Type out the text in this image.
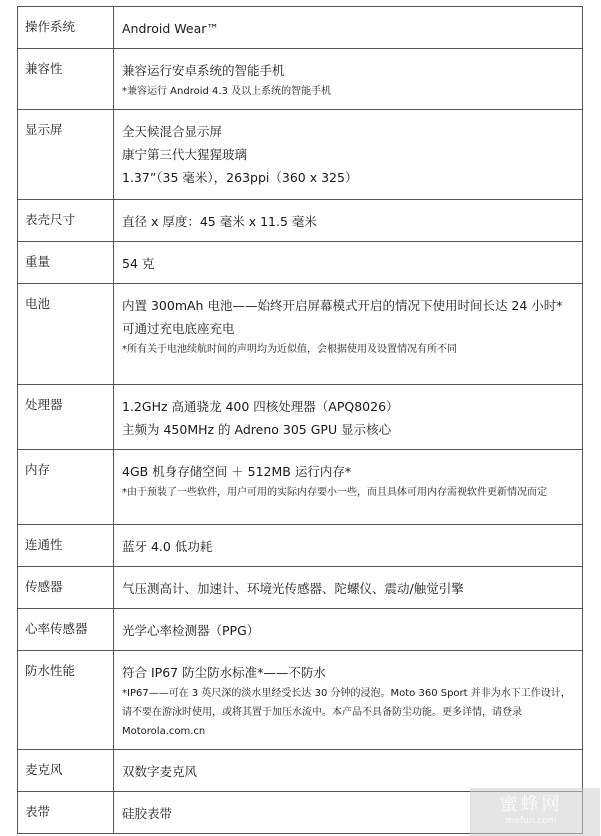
操作系统	Android Wear™

兼容性	兼容运行安卓系统的智能手机
*兼容运行 Android 4.3 及以上系统的智能手机

显示屏	全天候混合显示屏
康宁第三代大猩猩玻璃
1.37”（35 毫米），263ppi（360 x 325）

表壳尺寸	直径 x 厚度：45 毫米 x 11.5 毫米

重量	54 克

电池	内置 300mAh 电池——始终开启屏幕模式开启的情况下使用时间长达 24 小时*
可通过充电底座充电
*所有关于电池续航时间的声明均为近似值，会根据使用及设置情况有所不同

处理器	1.2GHz 高通骁龙 400 四核处理器（APQ8026）
主频为 450MHz 的 Adreno 305 GPU 显示核心

内存	4GB 机身存储空间 ＋ 512MB 运行内存*
*由于预装了一些软件，用户可用的实际内存要小一些，而且具体可用内存需视软件更新情况而定

连通性	蓝牙 4.0 低功耗

传感器	气压测高计、加速计、环境光传感器、陀螺仪、震动/触觉引擎

心率传感器	光学心率检测器（PPG）

防水性能	符合 IP67 防尘防水标准*——不防水
*IP67——可在 3 英尺深的淡水里经受长达 30 分钟的浸泡。Moto 360 Sport 并非为水下工作设计，请不要在游泳时使用，或将其置于加压水流中。本产品不具备防尘功能。更多详情，请登录 Motorola.com.cn

麦克风	双数字麦克风

表带	硅胶表带	蜜蜂网
mefun.com
